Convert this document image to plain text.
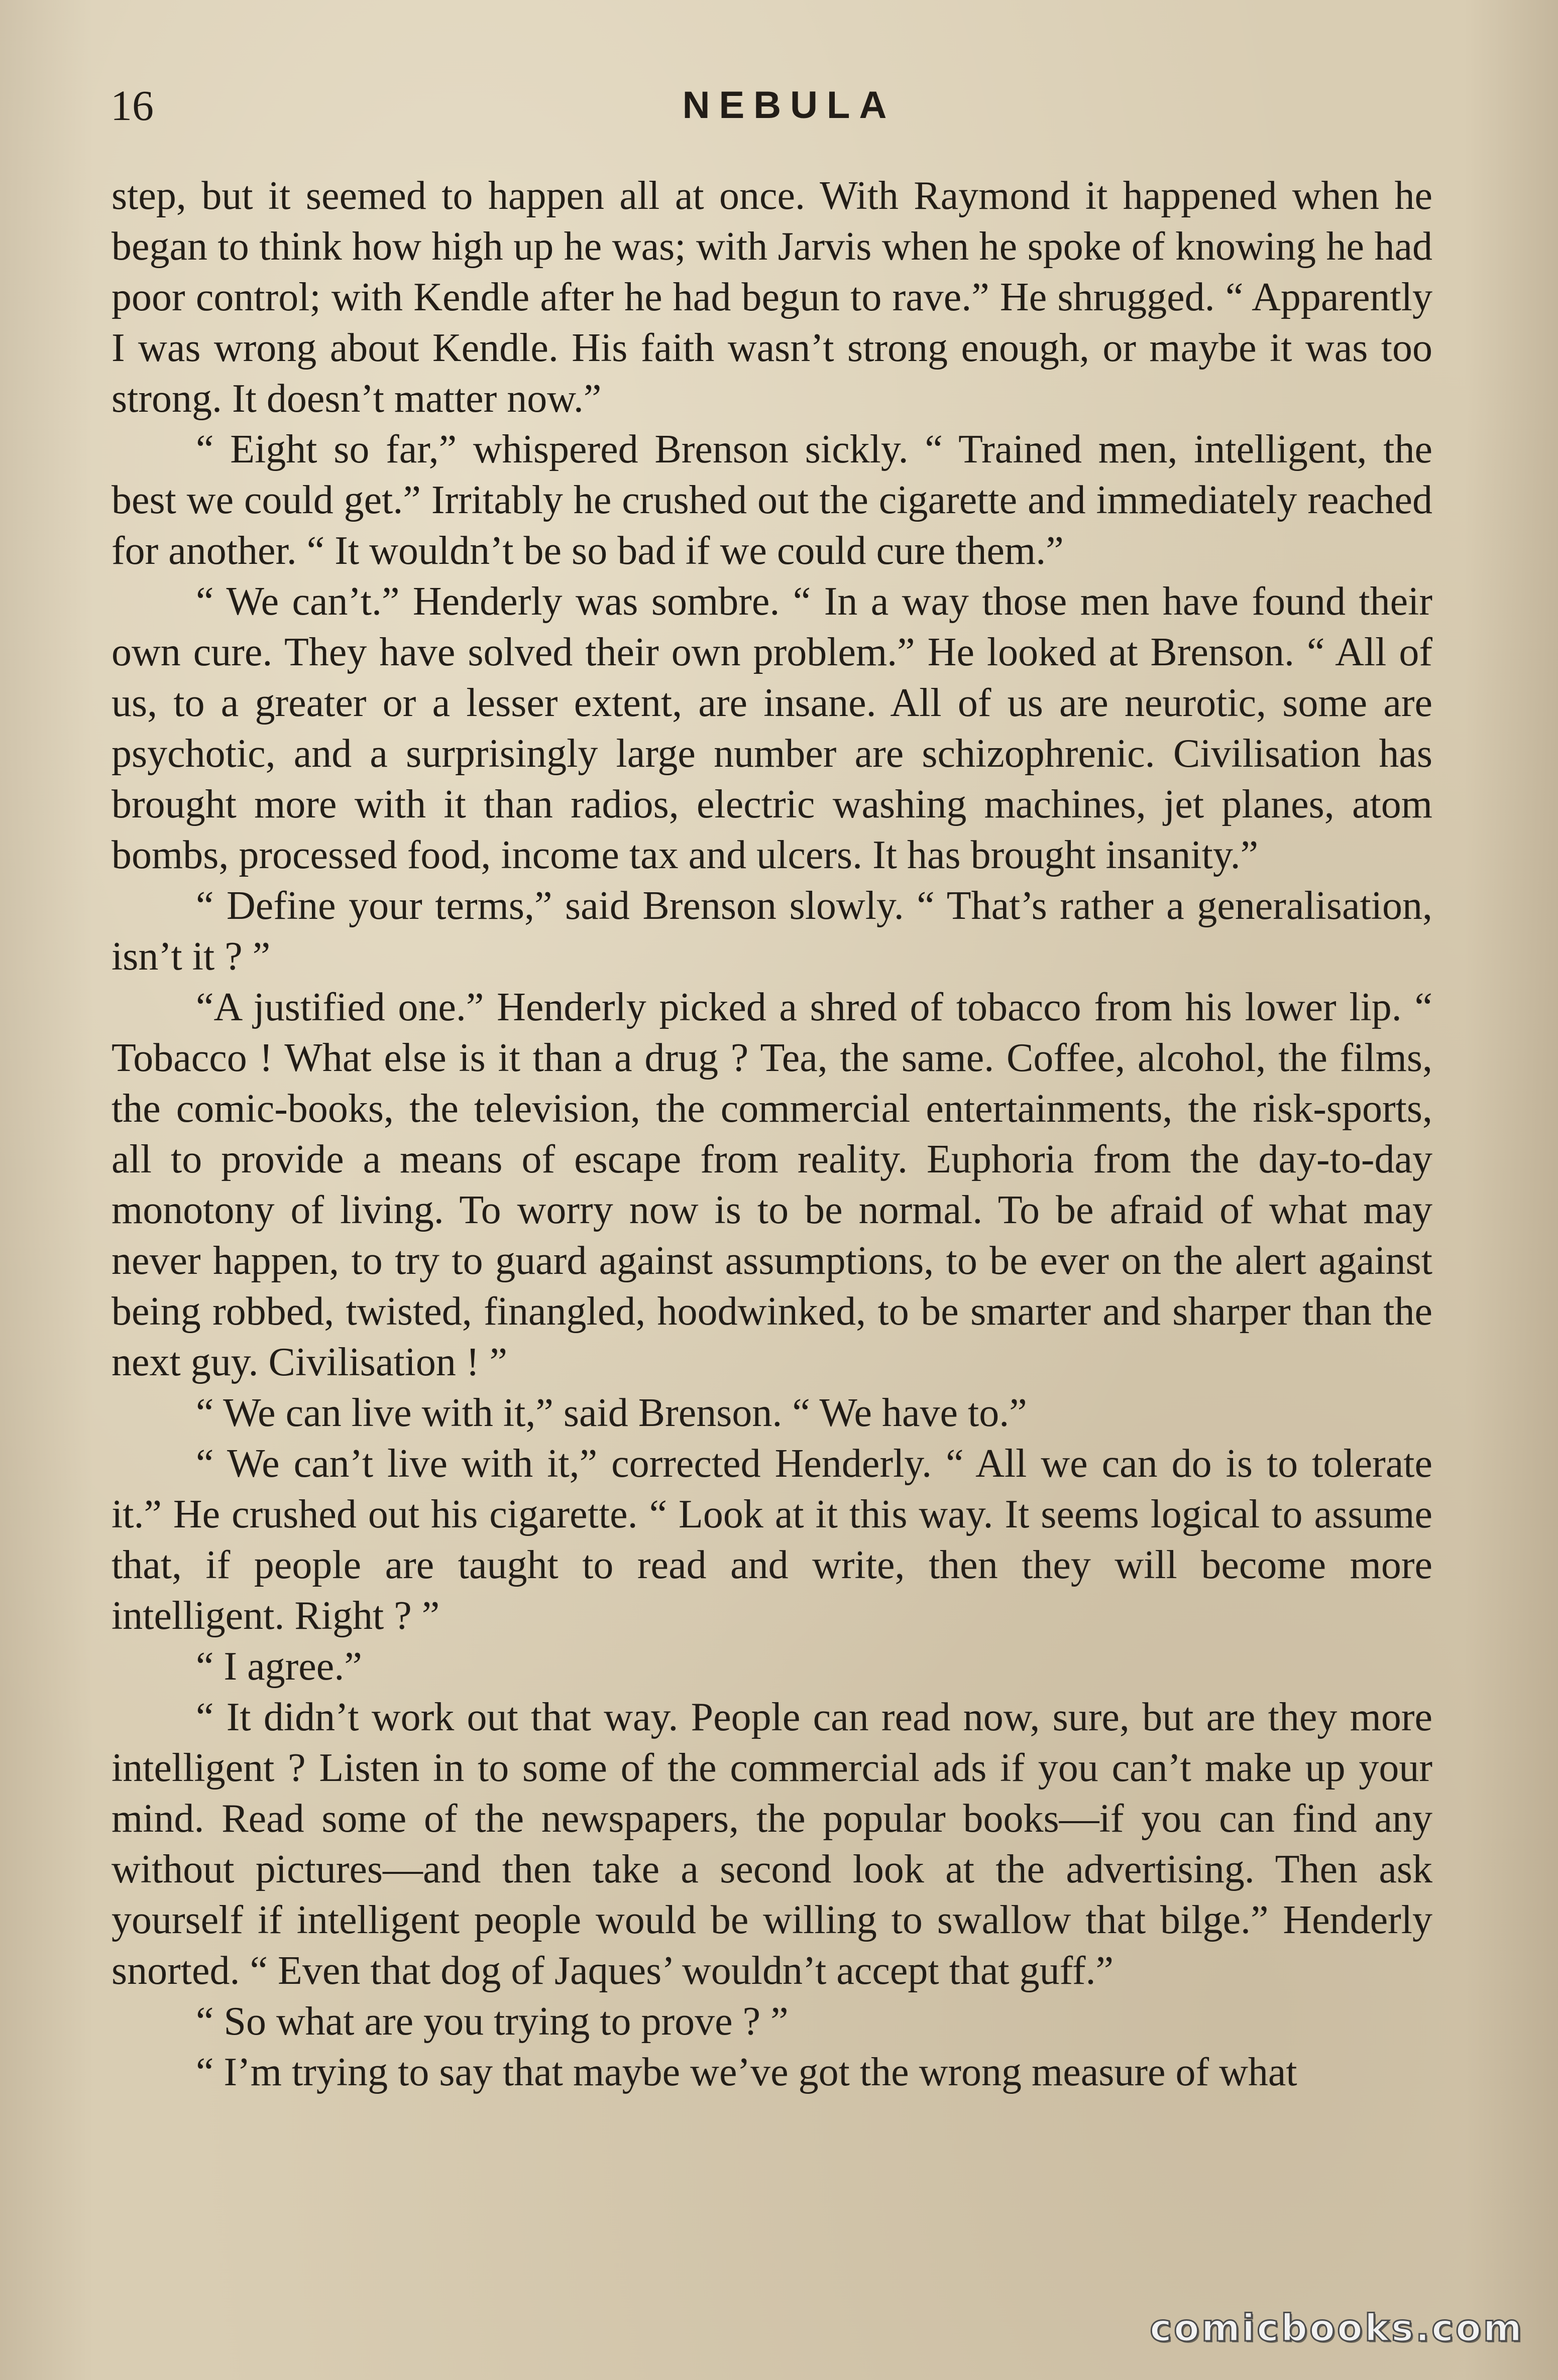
16	NEBULA

step, but it seemed to happen all at once. With Raymond it happened when he began to think how high up he was; with Jarvis when he spoke of knowing he had poor control; with Kendle after he had begun to rave.” He shrugged. “ Apparently I was wrong about Kendle. His faith wasn’t strong enough, or maybe it was too strong. It doesn’t matter now.”

“ Eight so far,” whispered Brenson sickly. “ Trained men, intelligent, the best we could get.” Irritably he crushed out the cigarette and immediately reached for another. “ It wouldn’t be so bad if we could cure them.”

“ We can’t.” Henderly was sombre. “ In a way those men have found their own cure. They have solved their own problem.” He looked at Brenson. “ All of us, to a greater or a lesser extent, are insane. All of us are neurotic, some are psychotic, and a surprisingly large number are schizophrenic. Civilisation has brought more with it than radios, electric washing machines, jet planes, atom bombs, processed food, income tax and ulcers. It has brought insanity.”

“ Define your terms,” said Brenson slowly. “ That’s rather a generalisation, isn’t it ? ”

“A justified one.” Henderly picked a shred of tobacco from his lower lip. “ Tobacco ! What else is it than a drug ? Tea, the same. Coffee, alcohol, the films, the comic-books, the television, the commercial entertainments, the risk-sports, all to provide a means of escape from reality. Euphoria from the day-to-day monotony of living. To worry now is to be normal. To be afraid of what may never happen, to try to guard against assumptions, to be ever on the alert against being robbed, twisted, finangled, hoodwinked, to be smarter and sharper than the next guy. Civilisation ! ”

“ We can live with it,” said Brenson. “ We have to.”

“ We can’t live with it,” corrected Henderly. “ All we can do is to tolerate it.” He crushed out his cigarette. “ Look at it this way. It seems logical to assume that, if people are taught to read and write, then they will become more intelligent. Right ? ”

“ I agree.”

“ It didn’t work out that way. People can read now, sure, but are they more intelligent ? Listen in to some of the commercial ads if you can’t make up your mind. Read some of the newspapers, the popular books—if you can find any without pictures—and then take a second look at the advertising. Then ask yourself if intelligent people would be willing to swallow that bilge.” Henderly snorted. “ Even that dog of Jaques’ wouldn’t accept that guff.”

“ So what are you trying to prove ? ”

“ I’m trying to say that maybe we’ve got the wrong measure of what

comicbooks.com
